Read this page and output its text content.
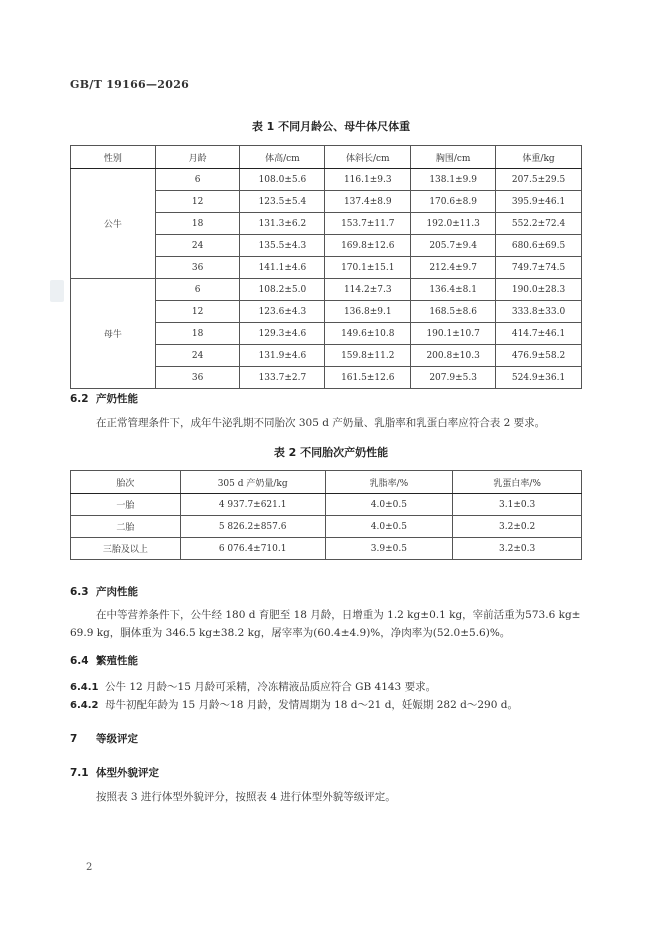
GB/T 19166—2026
表 1 不同月龄公、母牛体尺体重
性别	月龄	体高/cm	体斜长/cm	胸围/cm	体重/kg
公牛	6	108.0±5.6	116.1±9.3	138.1±9.9	207.5±29.5
	12	123.5±5.4	137.4±8.9	170.6±8.9	395.9±46.1
	18	131.3±6.2	153.7±11.7	192.0±11.3	552.2±72.4
	24	135.5±4.3	169.8±12.6	205.7±9.4	680.6±69.5
	36	141.1±4.6	170.1±15.1	212.4±9.7	749.7±74.5
母牛	6	108.2±5.0	114.2±7.3	136.4±8.1	190.0±28.3
	12	123.6±4.3	136.8±9.1	168.5±8.6	333.8±33.0
	18	129.3±4.6	149.6±10.8	190.1±10.7	414.7±46.1
	24	131.9±4.6	159.8±11.2	200.8±10.3	476.9±58.2
	36	133.7±2.7	161.5±12.6	207.9±5.3	524.9±36.1
6.2 产奶性能
在正常管理条件下，成年牛泌乳期不同胎次 305 d 产奶量、乳脂率和乳蛋白率应符合表 2 要求。
表 2 不同胎次产奶性能
胎次	305 d 产奶量/kg	乳脂率/%	乳蛋白率/%
一胎	4 937.7±621.1	4.0±0.5	3.1±0.3
二胎	5 826.2±857.6	4.0±0.5	3.2±0.2
三胎及以上	6 076.4±710.1	3.9±0.5	3.2±0.3
6.3 产肉性能
在中等营养条件下，公牛经 180 d 育肥至 18 月龄，日增重为 1.2 kg±0.1 kg，宰前活重为573.6 kg±
69.9 kg，胴体重为 346.5 kg±38.2 kg，屠宰率为(60.4±4.9)%，净肉率为(52.0±5.6)%。
6.4 繁殖性能
6.4.1 公牛 12 月龄～15 月龄可采精，冷冻精液品质应符合 GB 4143 要求。
6.4.2 母牛初配年龄为 15 月龄～18 月龄，发情周期为 18 d～21 d，妊娠期 282 d～290 d。
7 等级评定
7.1 体型外貌评定
按照表 3 进行体型外貌评分，按照表 4 进行体型外貌等级评定。
2
